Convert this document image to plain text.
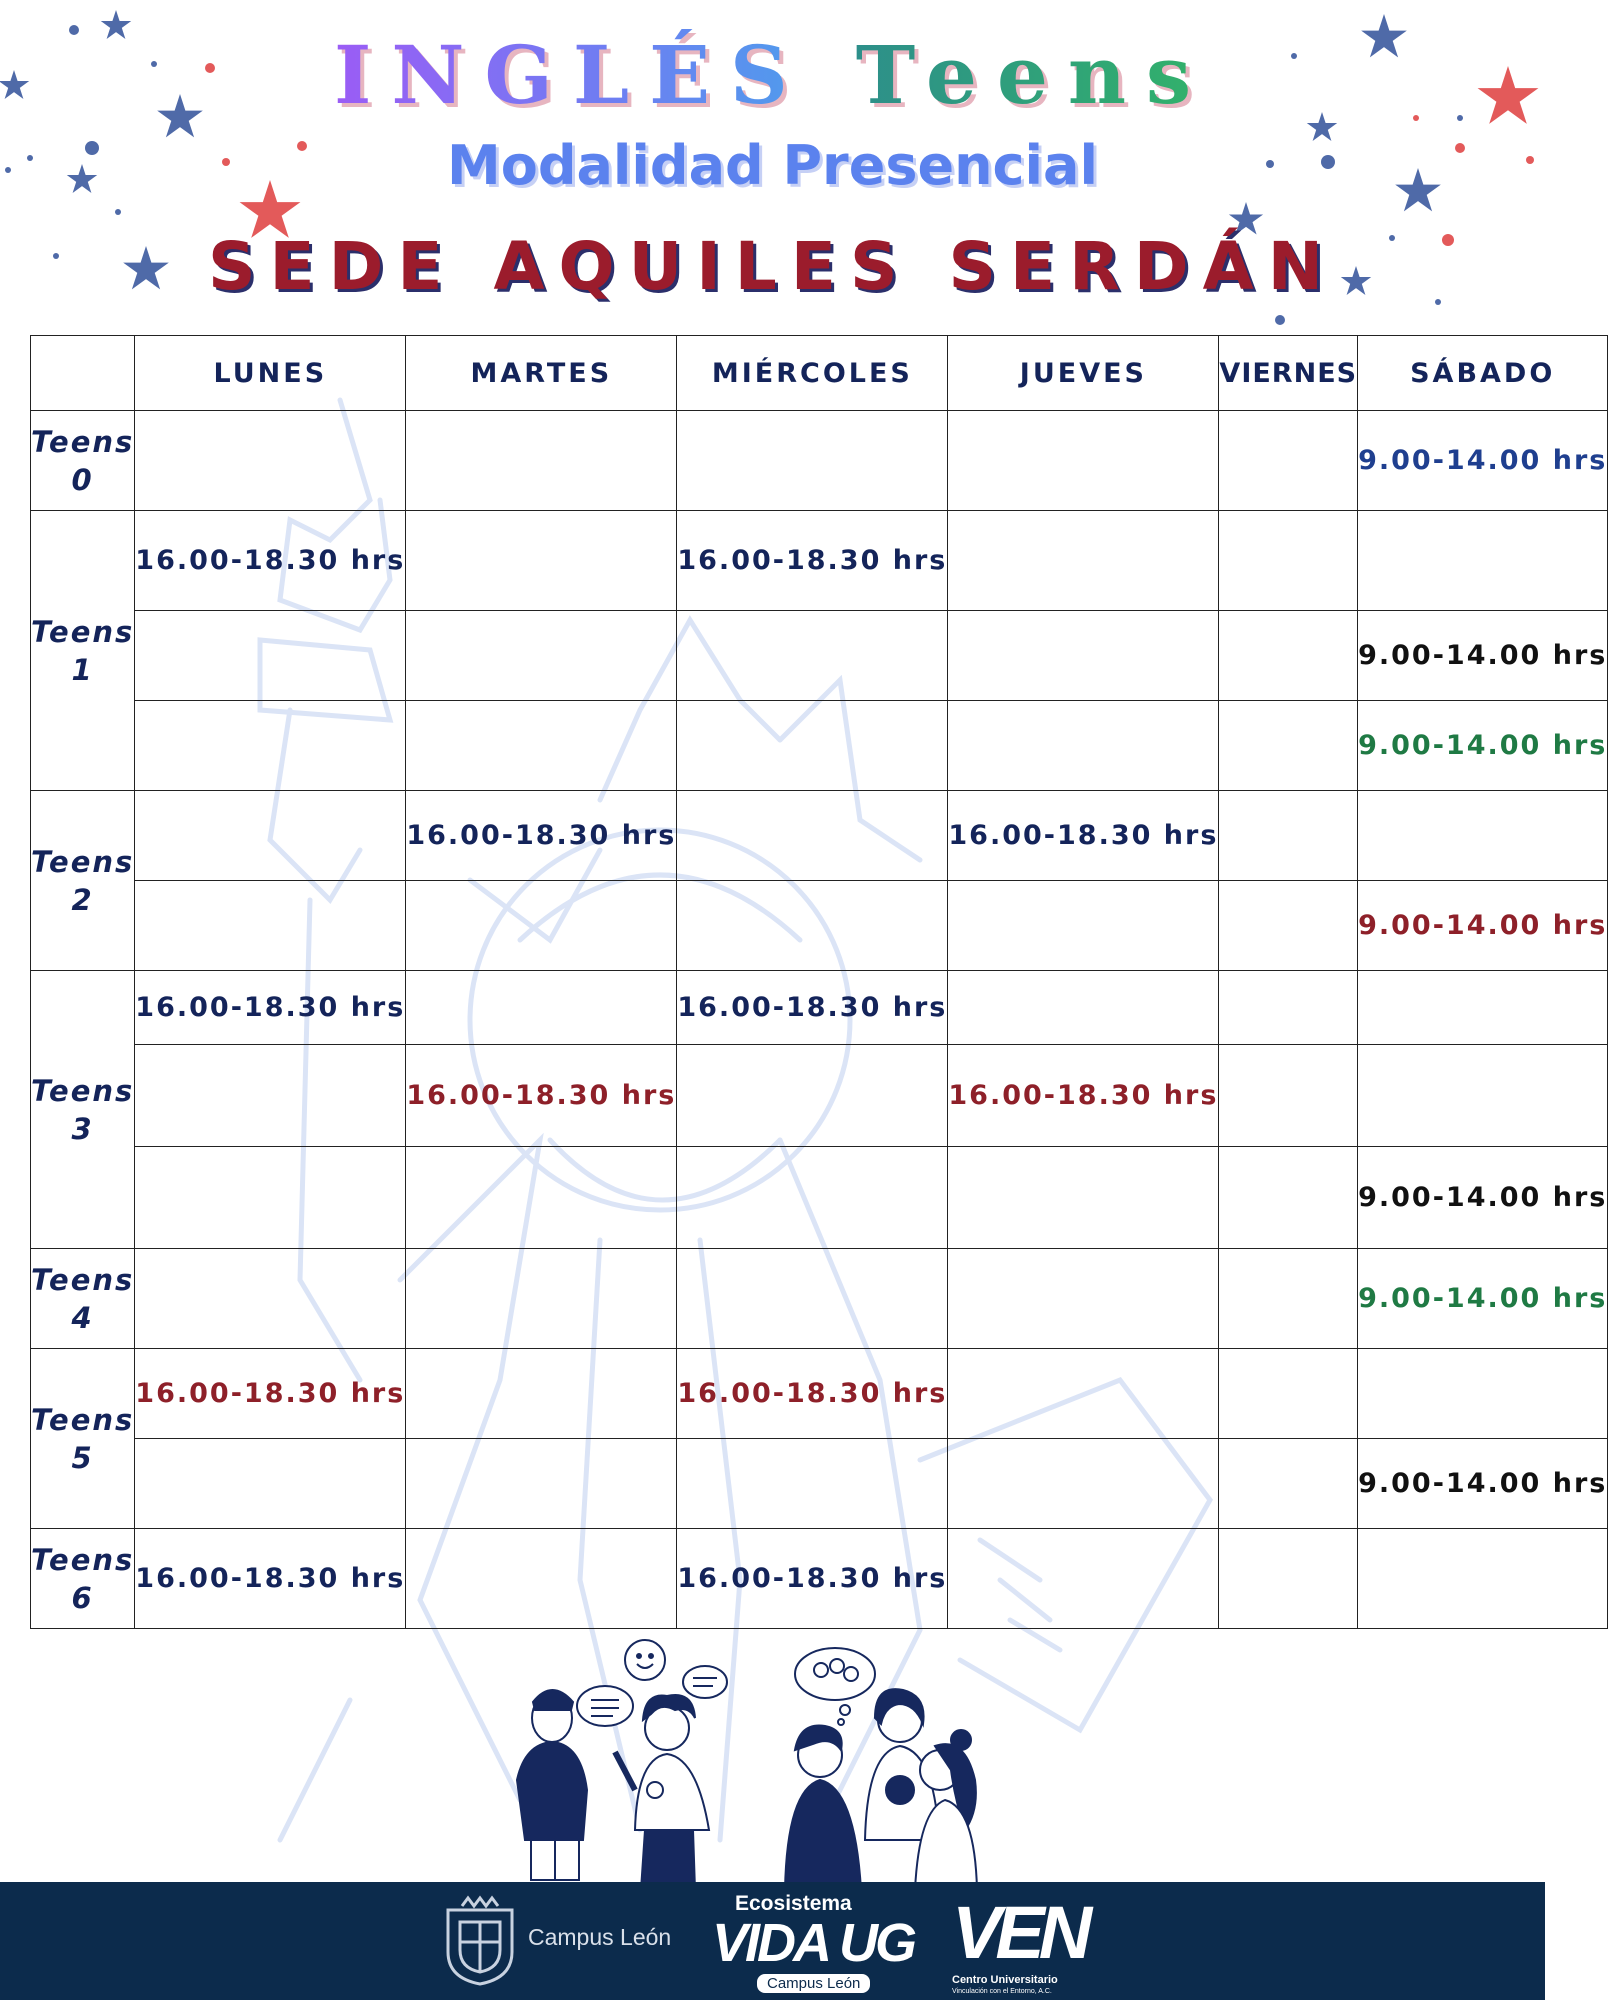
INGLÉS Teens
Modalidad Presencial
SEDE AQUILES SERDÁN
	LUNES	MARTES	MIÉRCOLES	JUEVES	VIERNES	SÁBADO

Teens
0						9.00-14.00 hrs

Teens
1	16.00-18.30 hrs		16.00-18.30 hrs			
						9.00-14.00 hrs
						9.00-14.00 hrs

Teens
2		16.00-18.30 hrs		16.00-18.30 hrs		
						9.00-14.00 hrs

Teens
3	16.00-18.30 hrs		16.00-18.30 hrs			
		16.00-18.30 hrs		16.00-18.30 hrs		
						9.00-14.00 hrs

Teens
4						9.00-14.00 hrs

Teens
5	16.00-18.30 hrs		16.00-18.30 hrs			
						9.00-14.00 hrs

Teens
6	16.00-18.30 hrs		16.00-18.30 hrs			
Campus León
Ecosistema
VIDA UG
Campus León
VEN
Centro Universitario
Vinculación con el Entorno, A.C.
